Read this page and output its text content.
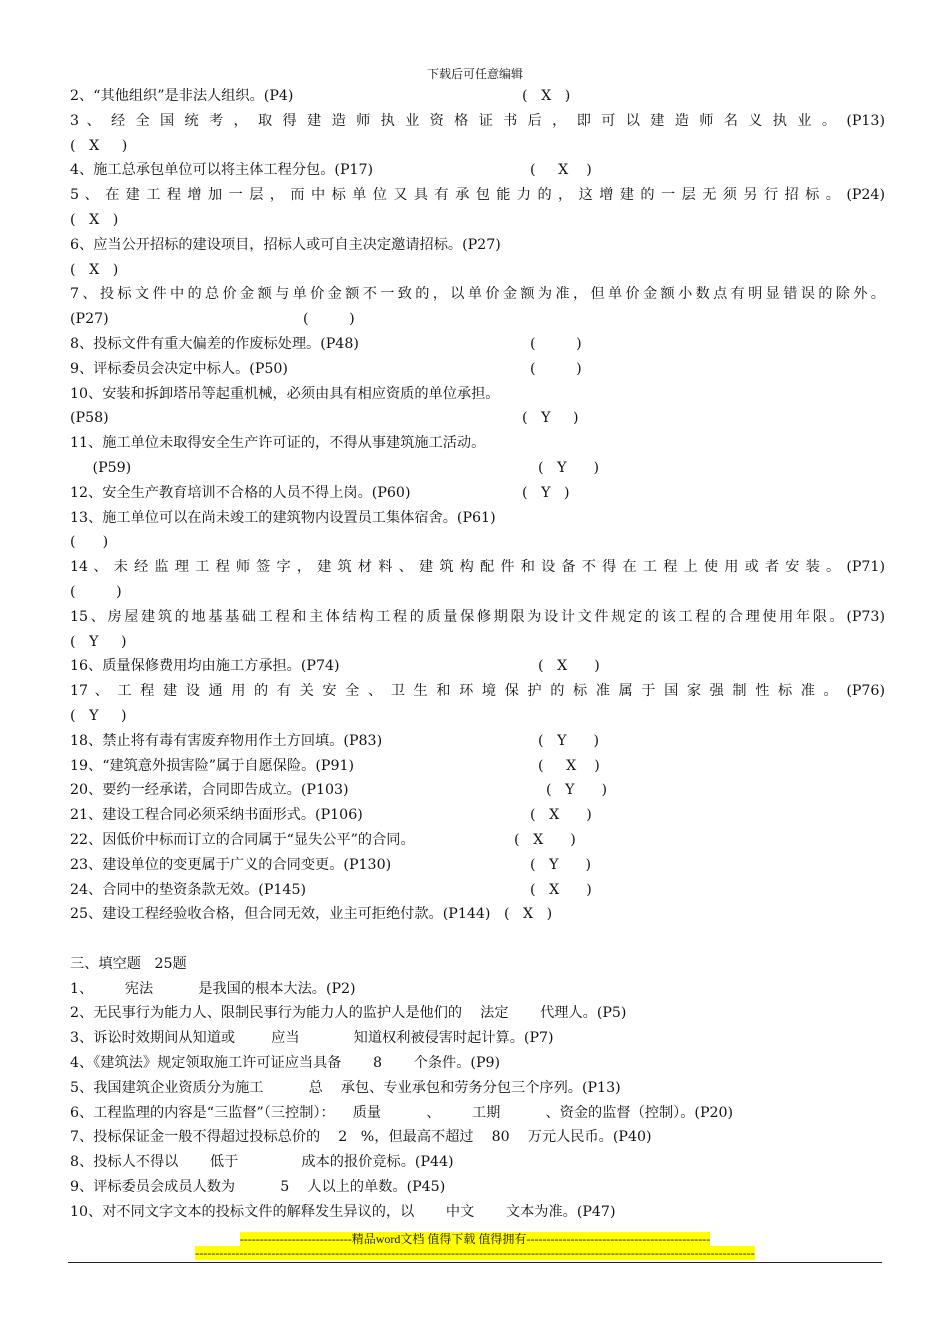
下载后可任意编辑
2、“其他组织”是非法人组织。(P4)	(   X   )
3 、 经 全 国 统 考 ， 取 得 建 造 师 执 业 资 格 证 书 后 ， 即 可 以 建 造 师 名 义 执 业 。 (P13)
(   X     )
4、施工总承包单位可以将主体工程分包。(P17)	(     X    )
5 、 在 建 工 程 增 加 一 层 ， 而 中 标 单 位 又 具 有 承 包 能 力 的 ， 这 增 建 的 一 层 无 须 另 行 招 标 。 (P24)
(   X   )
6、应当公开招标的建设项目，招标人或可自主决定邀请招标。(P27)
(   X   )
7、投标文件中的总价金额与单价金额不一致的，以单价金额为准，但单价金额小数点有明显错误的除外。
(P27)	(         )
8、投标文件有重大偏差的作废标处理。(P48)	(         )
9、评标委员会决定中标人。(P50)	(         )
10、安装和拆卸塔吊等起重机械，必须由具有相应资质的单位承担。
(P58)	(   Y     )
11、施工单位未取得安全生产许可证的，不得从事建筑施工活动。
(P59)	(   Y      )
12、安全生产教育培训不合格的人员不得上岗。(P60)	(   Y   )
13、施工单位可以在尚未竣工的建筑物内设置员工集体宿舍。(P61)
(      )
14 、 未 经 监 理 工 程 师 签 字 ， 建 筑 材 料 、 建 筑 构 配 件 和 设 备 不 得 在 工 程 上 使 用 或 者 安 装 。 (P71)
(         )
15、房屋建筑的地基基础工程和主体结构工程的质量保修期限为设计文件规定的该工程的合理使用年限。(P73)
(   Y     )
16、质量保修费用均由施工方承担。(P74)	(   X      )
17 、 工 程 建 设 通 用 的 有 关 安 全 、 卫 生 和 环 境 保 护 的 标 准 属 于 国 家 强 制 性 标 准 。 (P76)
(   Y     )
18、禁止将有毒有害废弃物用作土方回填。(P83)	(   Y      )
19、“建筑意外损害险”属于自愿保险。(P91)	(     X    )
20、要约一经承诺，合同即告成立。(P103)	(   Y      )
21、建设工程合同必须采纳书面形式。(P106)	(   X      )
22、因低价中标而订立的合同属于“显失公平”的合同。	(   X      )
23、建设单位的变更属于广义的合同变更。(P130)	(   Y      )
24、合同中的垫资条款无效。(P145)	(   X      )
25、建设工程经验收合格，但合同无效，业主可拒绝付款。(P144)   (   X   )
三、填空题   25题
1、       宪法          是我国的根本大法。(P2)
2、无民事行为能力人、限制民事行为能力人的监护人是他们的    法定       代理人。(P5)
3、诉讼时效期间从知道或        应当            知道权利被侵害时起计算。(P7)
4、《建筑法》规定领取施工许可证应当具备       8       个条件。(P9)
5、我国建筑企业资质分为施工          总    承包、专业承包和劳务分包三个序列。(P13)
6、工程监理的内容是“三监督”（三控制）：    质量          、       工期          、资金的监督（控制）。(P20)
7、投标保证金一般不得超过投标总价的    2   %，但最高不超过    80    万元人民币。(P40)
8、投标人不得以       低于              成本的报价竞标。(P44)
9、评标委员会成员人数为          5    人以上的单数。(P45)
10、对不同文字文本的投标文件的解释发生异议的，以       中文       文本为准。(P47)
----------------------------精品word文档 值得下载 值得拥有----------------------------------------------
--------------------------------------------------------------------------------------------------------------------------------------------
